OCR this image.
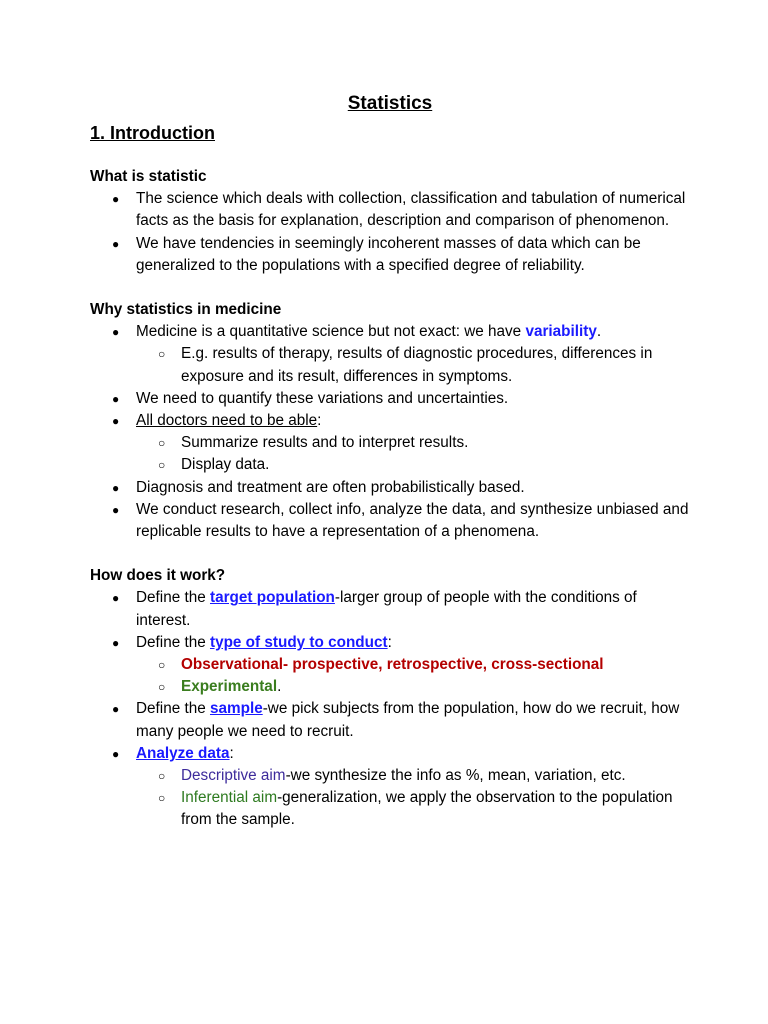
Statistics
1. Introduction
What is statistic
● The science which deals with collection, classification and tabulation of numerical facts as the basis for explanation, description and comparison of phenomenon.
● We have tendencies in seemingly incoherent masses of data which can be generalized to the populations with a specified degree of reliability.
Why statistics in medicine
● Medicine is a quantitative science but not exact: we have variability.
○ E.g. results of therapy, results of diagnostic procedures, differences in exposure and its result, differences in symptoms.
● We need to quantify these variations and uncertainties.
● All doctors need to be able:
○ Summarize results and to interpret results.
○ Display data.
● Diagnosis and treatment are often probabilistically based.
● We conduct research, collect info, analyze the data, and synthesize unbiased and replicable results to have a representation of a phenomena.
How does it work?
● Define the target population-larger group of people with the conditions of interest.
● Define the type of study to conduct:
○ Observational- prospective, retrospective, cross-sectional
○ Experimental.
● Define the sample-we pick subjects from the population, how do we recruit, how many people we need to recruit.
● Analyze data:
○ Descriptive aim-we synthesize the info as %, mean, variation, etc.
○ Inferential aim-generalization, we apply the observation to the population from the sample.
